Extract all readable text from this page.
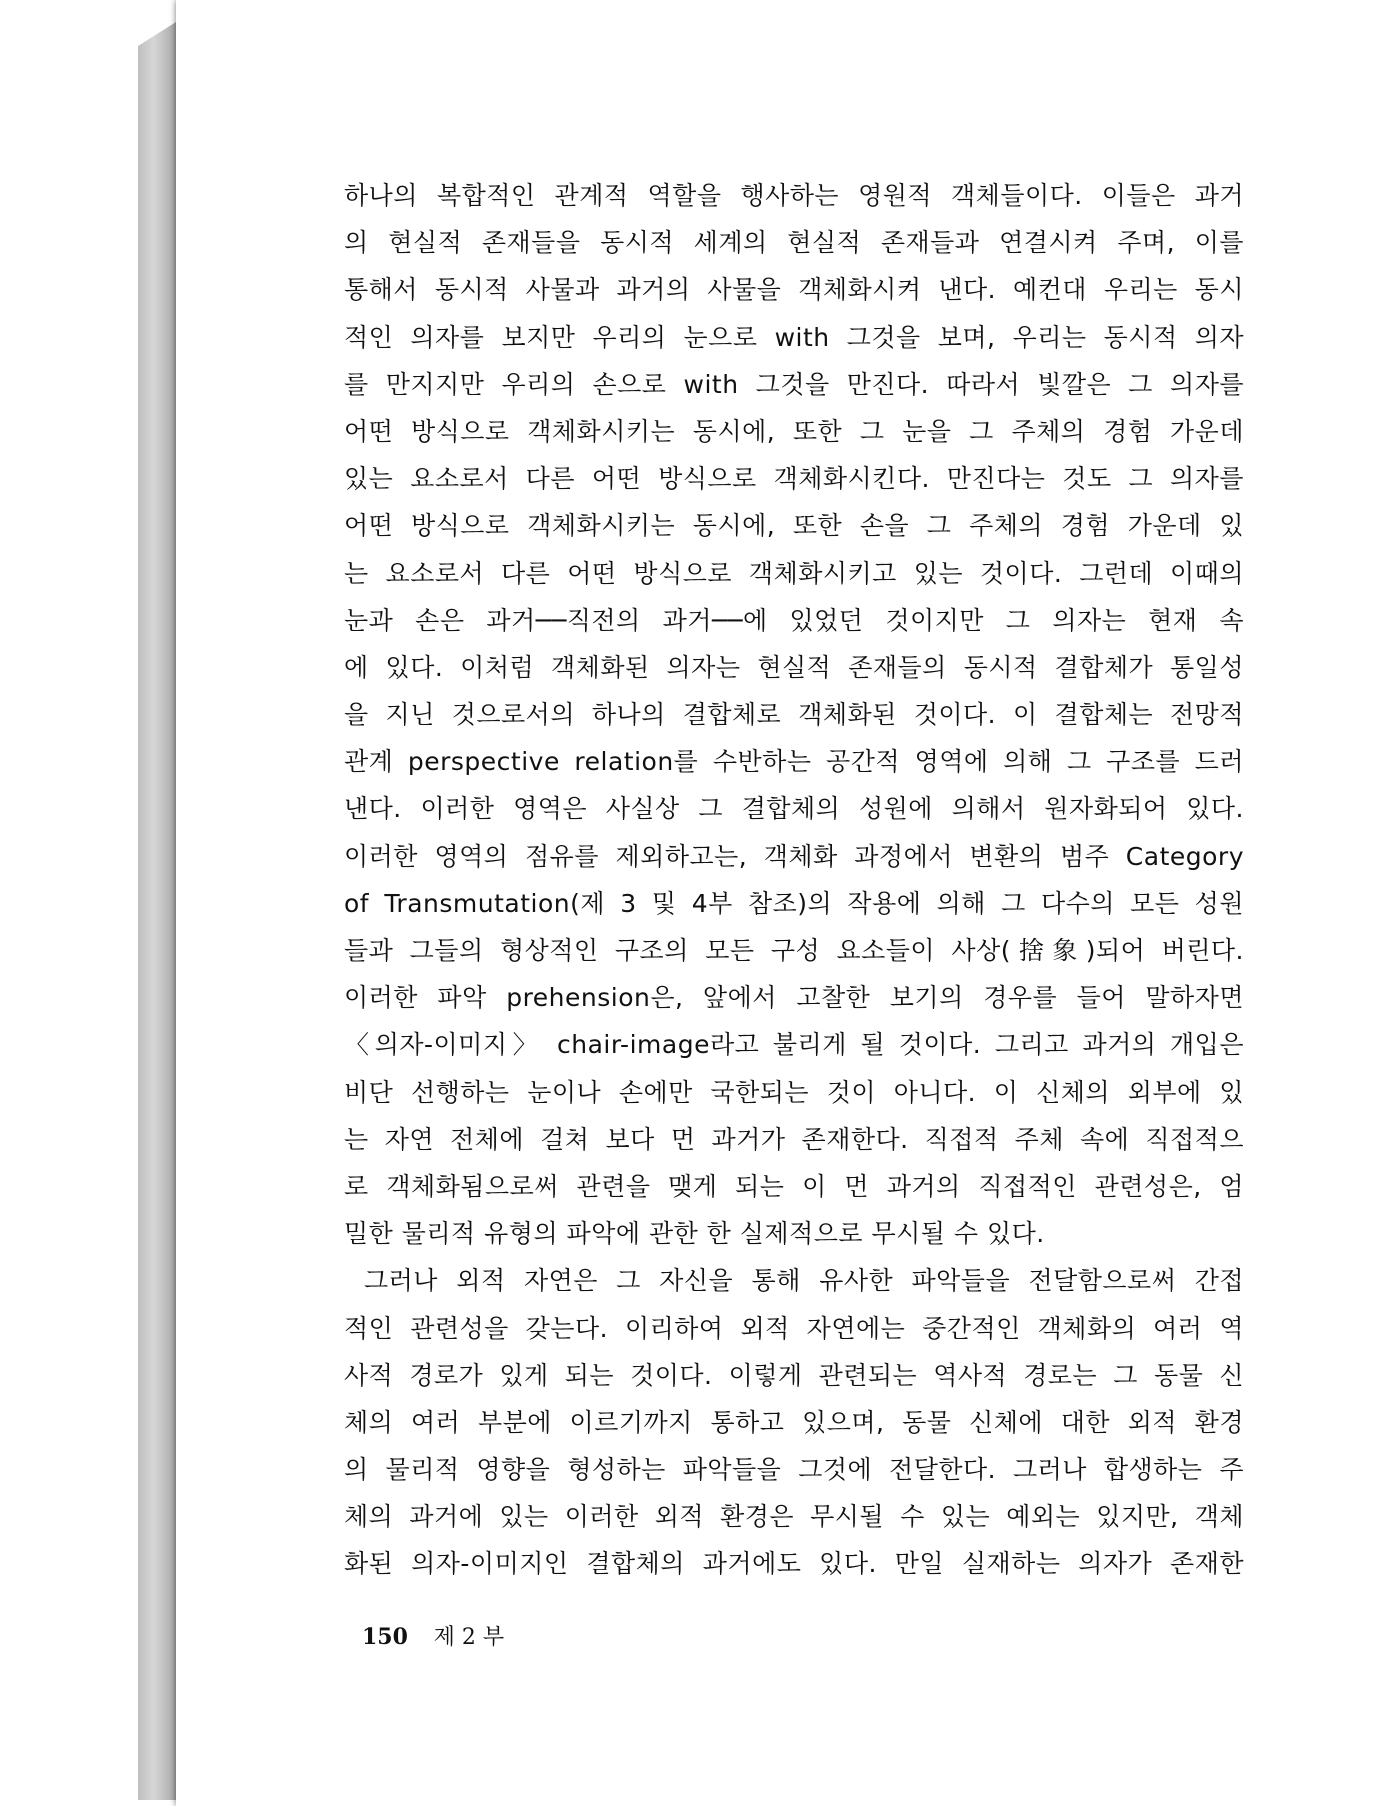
하나의 복합적인 관계적 역할을 행사하는 영원적 객체들이다. 이들은 과거
의 현실적 존재들을 동시적 세계의 현실적 존재들과 연결시켜 주며, 이를
통해서 동시적 사물과 과거의 사물을 객체화시켜 낸다. 예컨대 우리는 동시
적인 의자를 보지만 우리의 눈으로 with 그것을 보며, 우리는 동시적 의자
를 만지지만 우리의 손으로 with 그것을 만진다. 따라서 빛깔은 그 의자를
어떤 방식으로 객체화시키는 동시에, 또한 그 눈을 그 주체의 경험 가운데
있는 요소로서 다른 어떤 방식으로 객체화시킨다. 만진다는 것도 그 의자를
어떤 방식으로 객체화시키는 동시에, 또한 손을 그 주체의 경험 가운데 있
는 요소로서 다른 어떤 방식으로 객체화시키고 있는 것이다. 그런데 이때의
눈과 손은 과거──직전의 과거──에 있었던 것이지만 그 의자는 현재 속
에 있다. 이처럼 객체화된 의자는 현실적 존재들의 동시적 결합체가 통일성
을 지닌 것으로서의 하나의 결합체로 객체화된 것이다. 이 결합체는 전망적
관계 perspective relation를 수반하는 공간적 영역에 의해 그 구조를 드러
낸다. 이러한 영역은 사실상 그 결합체의 성원에 의해서 원자화되어 있다.
이러한 영역의 점유를 제외하고는, 객체화 과정에서 변환의 범주 Category
of Transmutation(제 3 및 4부 참조)의 작용에 의해 그 다수의 모든 성원
들과 그들의 형상적인 구조의 모든 구성 요소들이 사상(捨象)되어 버린다.
이러한 파악 prehension은, 앞에서 고찰한 보기의 경우를 들어 말하자면
〈의자-이미지〉 chair-image라고 불리게 될 것이다. 그리고 과거의 개입은
비단 선행하는 눈이나 손에만 국한되는 것이 아니다. 이 신체의 외부에 있
는 자연 전체에 걸쳐 보다 먼 과거가 존재한다. 직접적 주체 속에 직접적으
로 객체화됨으로써 관련을 맺게 되는 이 먼 과거의 직접적인 관련성은, 엄
밀한 물리적 유형의 파악에 관한 한 실제적으로 무시될 수 있다.
그러나 외적 자연은 그 자신을 통해 유사한 파악들을 전달함으로써 간접
적인 관련성을 갖는다. 이리하여 외적 자연에는 중간적인 객체화의 여러 역
사적 경로가 있게 되는 것이다. 이렇게 관련되는 역사적 경로는 그 동물 신
체의 여러 부분에 이르기까지 통하고 있으며, 동물 신체에 대한 외적 환경
의 물리적 영향을 형성하는 파악들을 그것에 전달한다. 그러나 합생하는 주
체의 과거에 있는 이러한 외적 환경은 무시될 수 있는 예외는 있지만, 객체
화된 의자-이미지인 결합체의 과거에도 있다. 만일 실재하는 의자가 존재한
150 제 2 부
